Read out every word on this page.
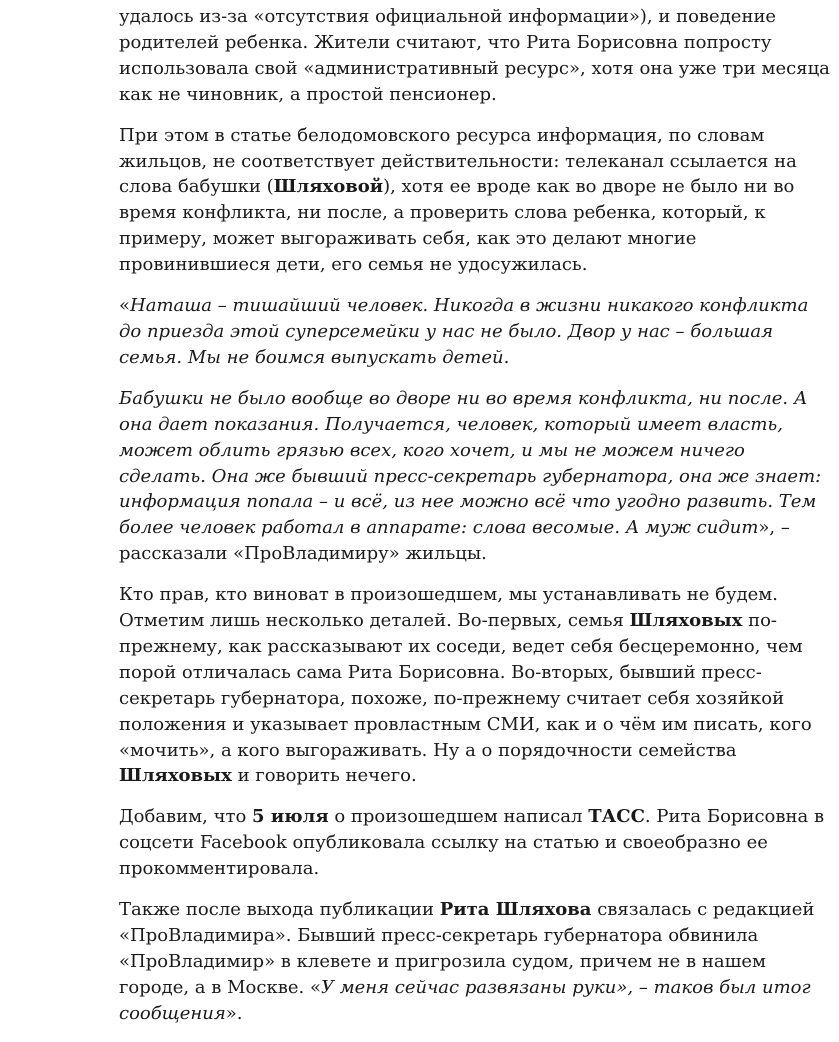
удалось из-за «отсутствия официальной информации»), и поведение родителей ребенка. Жители считают, что Рита Борисовна попросту использовала свой «административный ресурс», хотя она уже три месяца как не чиновник, а простой пенсионер.

При этом в статье белодомовского ресурса информация, по словам жильцов, не соответствует действительности: телеканал ссылается на слова бабушки (Шляховой), хотя ее вроде как во дворе не было ни во время конфликта, ни после, а проверить слова ребенка, который, к примеру, может выгораживать себя, как это делают многие провинившиеся дети, его семья не удосужилась.

«Наташа – тишайший человек. Никогда в жизни никакого конфликта до приезда этой суперсемейки у нас не было. Двор у нас – большая семья. Мы не боимся выпускать детей.

Бабушки не было вообще во дворе ни во время конфликта, ни после. А она дает показания. Получается, человек, который имеет власть, может облить грязью всех, кого хочет, и мы не можем ничего сделать. Она же бывший пресс-секретарь губернатора, она же знает: информация попала – и всё, из нее можно всё что угодно развить. Тем более человек работал в аппарате: слова весомые. А муж сидит», – рассказали «ПроВладимиру» жильцы.

Кто прав, кто виноват в произошедшем, мы устанавливать не будем. Отметим лишь несколько деталей. Во-первых, семья Шляховых по-прежнему, как рассказывают их соседи, ведет себя бесцеремонно, чем порой отличалась сама Рита Борисовна. Во-вторых, бывший пресс-секретарь губернатора, похоже, по-прежнему считает себя хозяйкой положения и указывает провластным СМИ, как и о чём им писать, кого «мочить», а кого выгораживать. Ну а о порядочности семейства Шляховых и говорить нечего.

Добавим, что 5 июля о произошедшем написал ТАСС. Рита Борисовна в соцсети Facebook опубликовала ссылку на статью и своеобразно ее прокомментировала.

Также после выхода публикации Рита Шляхова связалась с редакцией «ПроВладимира». Бывший пресс-секретарь губернатора обвинила «ПроВладимир» в клевете и пригрозила судом, причем не в нашем городе, а в Москве. «У меня сейчас развязаны руки», – таков был итог сообщения».
